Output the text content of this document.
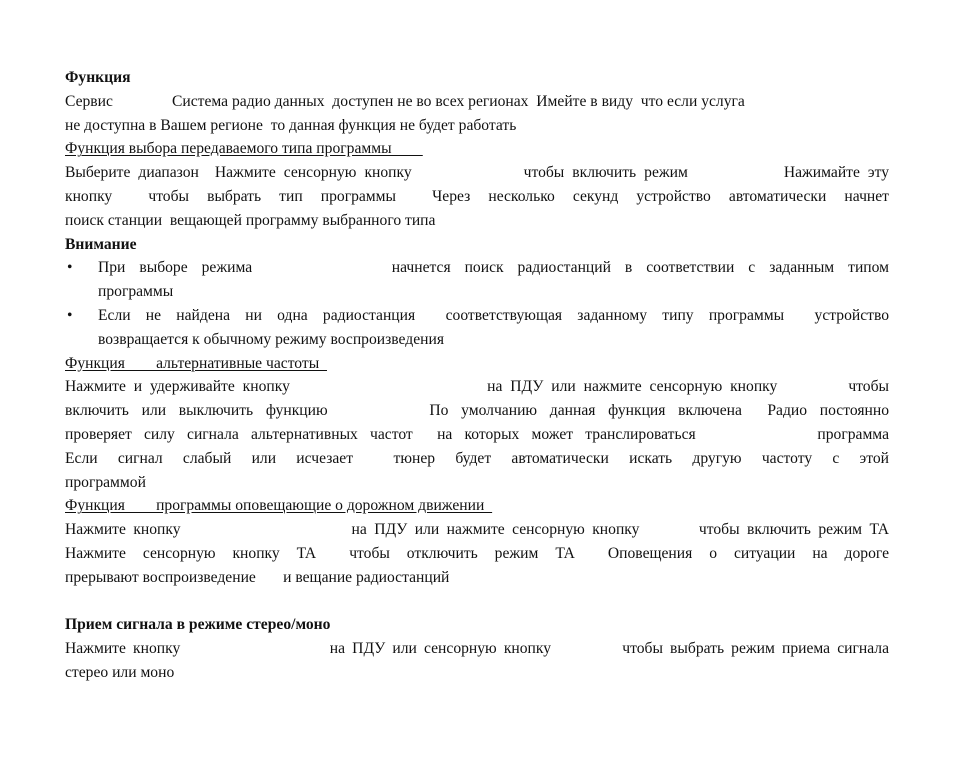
Функция
Сервис	Система радио данных  доступен не во всех регионах  Имейте в виду  что если услуга
не доступна в Вашем регионе  то данная функция не будет работать
Функция выбора передаваемого типа программы
Выберите диапазон  Нажмите сенсорную кнопку              чтобы включить режим            Нажимайте эту
кнопку  чтобы выбрать тип программы  Через несколько секунд устройство автоматически начнет
поиск станции  вещающей программу выбранного типа
Внимание
•	При выборе режима          начнется поиск радиостанций в соответствии с заданным типом
программы
•	Если не найдена ни одна радиостанция  соответствующая заданному типу программы  устройство
возвращается к обычному режиму воспроизведения
Функция        альтернативные частоты
Нажмите и удерживайте кнопку                         на ПДУ или нажмите сенсорную кнопку         чтобы
включить или выключить функцию        По умолчанию данная функция включена  Радио постоянно
проверяет силу сигнала альтернативных частот  на которых может транслироваться          программа
Если сигнал слабый или исчезает  тюнер будет автоматически искать другую частоту с этой
программой
Функция        программы оповещающие о дорожном движении
Нажмите кнопку                       на ПДУ или нажмите сенсорную кнопку        чтобы включить режим TA
Нажмите сенсорную кнопку TA  чтобы отключить режим TA  Оповещения о ситуации на дороге
прерывают воспроизведение       и вещание радиостанций
Прием сигнала в режиме стерео/моно
Нажмите кнопку                     на ПДУ или сенсорную кнопку          чтобы выбрать режим приема сигнала
стерео или моно
